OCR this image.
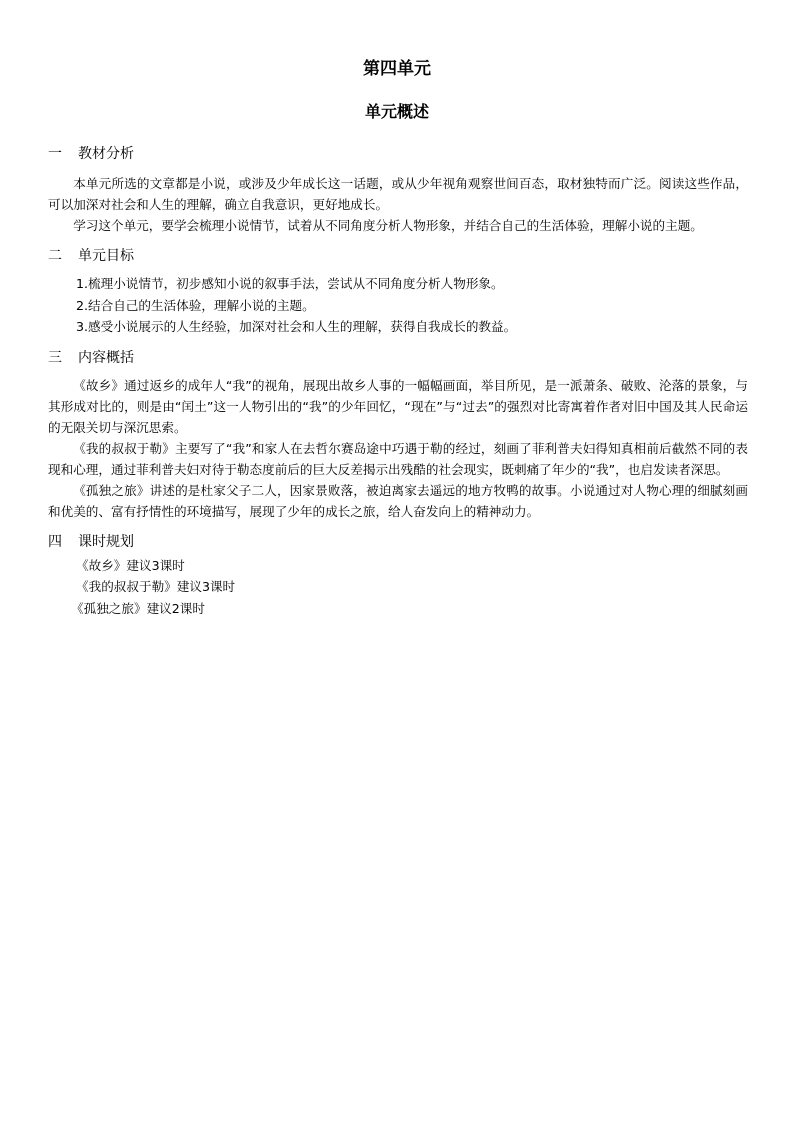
第四单元
单元概述
一	教材分析

本单元所选的文章都是小说，或涉及少年成长这一话题，或从少年视角观察世间百态，取材独特而广泛。阅读这些作品，可以加深对社会和人生的理解，确立自我意识，更好地成长。

学习这个单元，要学会梳理小说情节，试着从不同角度分析人物形象，并结合自己的生活体验，理解小说的主题。

二	单元目标

1.梳理小说情节，初步感知小说的叙事手法，尝试从不同角度分析人物形象。

2.结合自己的生活体验，理解小说的主题。

3.感受小说展示的人生经验，加深对社会和人生的理解，获得自我成长的教益。

三	内容概括

《故乡》通过返乡的成年人“我”的视角，展现出故乡人事的一幅幅画面，举目所见，是一派萧条、破败、沦落的景象，与其形成对比的，则是由“闰土”这一人物引出的“我”的少年回忆，“现在”与“过去”的强烈对比寄寓着作者对旧中国及其人民命运的无限关切与深沉思索。

《我的叔叔于勒》主要写了“我”和家人在去哲尔赛岛途中巧遇于勒的经过，刻画了菲利普夫妇得知真相前后截然不同的表现和心理，通过菲利普夫妇对待于勒态度前后的巨大反差揭示出残酷的社会现实，既刺痛了年少的“我”，也启发读者深思。

《孤独之旅》讲述的是杜家父子二人，因家景败落，被迫离家去遥远的地方牧鸭的故事。小说通过对人物心理的细腻刻画和优美的、富有抒情性的环境描写，展现了少年的成长之旅，给人奋发向上的精神动力。

四	课时规划

《故乡》建议3课时

《我的叔叔于勒》建议3课时

《孤独之旅》建议2课时
